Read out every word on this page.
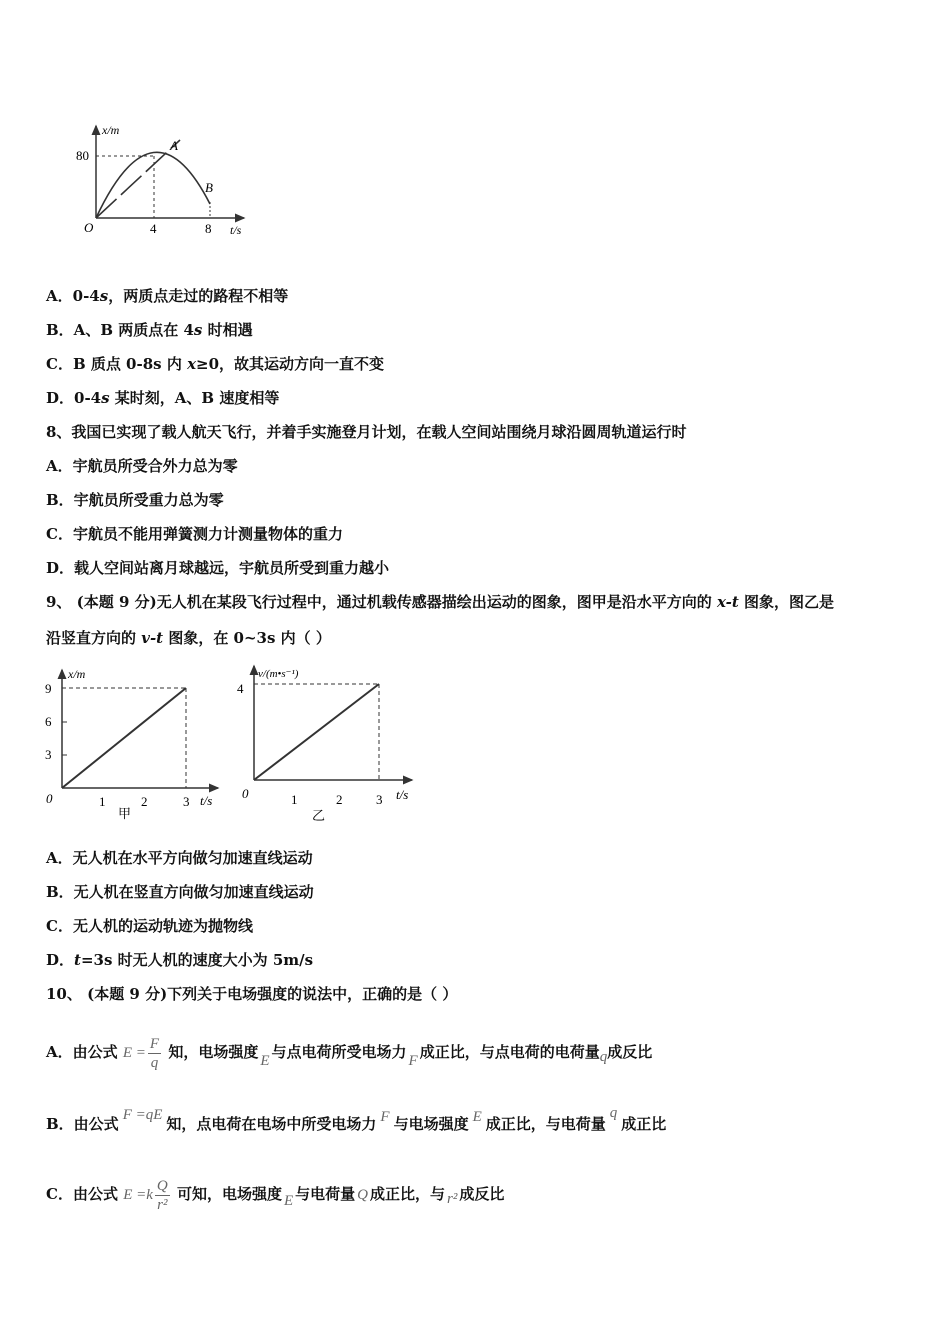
x/m
t/s
80
O	4	8
A
B
A．0-4s，两质点走过的路程不相等
B．A、B 两质点在 4s 时相遇
C．B 质点 0-8s 内 x≥0，故其运动方向一直不变
D．0-4s 某时刻，A、B 速度相等
8、我国已实现了载人航天飞行，并着手实施登月计划，在载人空间站围绕月球沿圆周轨道运行时
A．宇航员所受合外力总为零
B．宇航员所受重力总为零
C．宇航员不能用弹簧测力计测量物体的重力
D．载人空间站离月球越远，宇航员所受到重力越小
9、 (本题 9 分)无人机在某段飞行过程中，通过机载传感器描绘出运动的图象，图甲是沿水平方向的 x-t 图象，图乙是
沿竖直方向的 v-t 图象，在 0~3s 内（ ）
x/m
t/s
0
3
6
9
1	2	3
甲
v/(m•s⁻¹)
t/s
0
4
1	2	3
乙
A．无人机在水平方向做匀加速直线运动
B．无人机在竖直方向做匀加速直线运动
C．无人机的运动轨迹为抛物线
D．t=3s 时无人机的速度大小为 5m/s
10、 (本题 9 分)下列关于电场强度的说法中，正确的是（ ）
A．由公式 $E = \frac{F}{q}$ 知，电场强度 E 与点电荷所受电场力 F 成正比，与点电荷的电荷量q成反比
B．由公式 F =qE 知，点电荷在电场中所受电场力 F 与电场强度 E 成正比，与电荷量q成正比
C．由公式 $E =k \frac{Q}{\text{r²}}$ 可知，电场强度 E 与电荷量 Q 成正比，与 r² 成反比
